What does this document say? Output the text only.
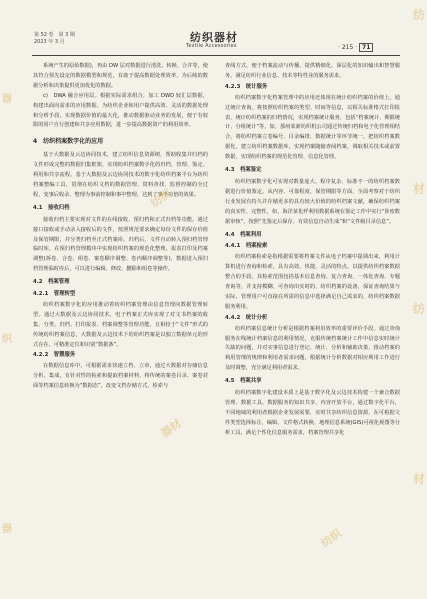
第 52 卷　第 3 期
2023 年 3 月	纺织器材
Textile Accessories	· 215 · 71

系统产生的原始数据)，再由 DW 层对数据进行清洗、转换、合并等，使其符合预先设定的数据模型和规范，有助于提高数据处理效率，为后续的数据分析和决策提供更加优化的数据。

c)　DWA 融合应用层。根据实际需求组合，加工 DWD 较汇层数据，构建出面向需求的应用数据，为纺织企业和用户提供高效、灵活的数据处理和分析手段，实现数据价值的最大化，推动数据驱动业务的发展，便于有权限的用户自行创建和共享应用数据，进一步提高数据资产的利用效率。

4　纺织档案数字化的应用

基于大数据及云边协同技术，建立纺织信息资源树，帮助收集并归档的文件形成完整的数据归集框架，实现纺织档案数字化的归档、管理、鉴定、利用和共享流程。基于大数据及云边协同技术的数字化纺织档案平台为纺织档案整编工具，贯彻在纺织文档的数据管理、资料查找、监督控制的全过程，变事后收录、整理为事前控制和事中整理，达到了事半功倍的效果。

4.1　接收归档

接收归档主要实现对文件的在线接收、预归档和正式归档等功能。通过接口接收或手动录入接收后的文件，按照规范要求确定每份文件的保存价值及保管期限，并分类归档至正式档案库。归档后，文件自动转入预归档管理临时库，在预归档管理模块中实现纺织档案的规范化整理，报表打印及档案调整(拆卷、合卷、组卷、案卷顺序调整、卷内顺序调整等)，数据进入预归档管理临时库后，可以进行编辑、修改、删除和组卷等操作。

4.2　档案管理
4.2.1　管理转型

纺织档案数字化的应用推动着纺织档案管理由信息管理向数据管理转型。通过大数据及云边协同技术，电子档案正式库实现了对文书档案的收集、分类、归档、打印报表、档案调整等管理功能，且相较于“文件”形式的传统纺织档案信息，大数据及云边技术下的纺织档案是以独立数据单元的形式存在、可精准定位和识别“数据条”。

4.2.2　智慧服务

在数据信息库中，可根据需求快速立档、立章，通过大数据对存储信息分析、集成，有针对性的检索和提取档案材料，将传统的案卷目录、案卷封面等档案信息转换为“数据态”，改变文档存储方式，检索与

查阅方式，便于档案流动与传播，提供精细化、深层化的知识输出和智慧服务，满足纺织行业信息、技术等特性业的服务需求。

4.2.3　统计服务

纺织档案数字化档案管理中的应用还体现在统计纺织档案的价值上。通过统计查询，将按照纺织档案的类型、时间等信息，以相关标准格式打印报表，统计纺织档案的归档情况，实现档案统计服务，包括“档案统计、期限统计、分组统计”等，如，那州某新纺织机公司通过传统归档和电子化管理相结合，将纺织档案立卷编号、目录编排、数据统计等环节统一，把纺织档案数据化，建立纺织档案数据库，实现档案随输查阅档案，调取相关技术或前置数据，实现纺织档案的规范化管理、信息化管理。

4.3　档案鉴定

纺织档案数字化可实现对数量庞大、程序复杂、标准不一的纺织档案数据进行价值鉴定。从内容、可靠程度、保管期限等方面，全面考察对于纺织行业发展有持久并存储更多的具有较大价值的纺织档案文献，确保纺织档案的真实性、完整性，如，海洋某化纤利用数据系统在鉴定工作中实行“涉密数据审核”，按照“先鉴定后保存、有效信息自动生成”和“文件级目录信息”。

4.4　档案利用
4.4.1　档案检索

纺织档案检索是指根据需要将档案文件从电子档案中提调出来，利用计算机进行查询和检索，具有高效、快捷、灵活的特点。以提供纺织档案数据整合的手段，其检索范围包括基本信息查询、复合查询、一体化查询、专题查询等，并支持模糊、可查询出实时的、纺织档案的设备，保证查询结果与实际，管理用户可直接在所需的信息中选择满足自己需求的，纺织档案数据服务利用。

4.4.2　统计分析

纺织档案信息统计分析是根据档案利用效率的重要评价手段。通过查询服务在线统计档案信息的利用情况，克服传统档案统计工作中信息实时统计失缺的问题，并对实事信息进行登记、统计，分析和辅助决策，推动档案的利用管理的规律和利用者需求问题，根据统计分析数据对相应利用工作进行及时调整，充分满足利用者需求。

4.5　档案共享

纺织档案数字化建设本质上是基于数字化及云边技术构建一个兼合数据管理、数据工具、数据服务的知识共享，内容开放平台，通过数字化平台，不同地域的利用者根据企业发展需要，实时共享纺织信息资源，在可根据文件类型选择标注，编辑、文件格式转换、地理信息系统(GIS)可视化视图等分析工具，满足个性化信息服务需求，档案管理共享化

纺
材
纺
材
器
织
器
纺织
器材
纺织
